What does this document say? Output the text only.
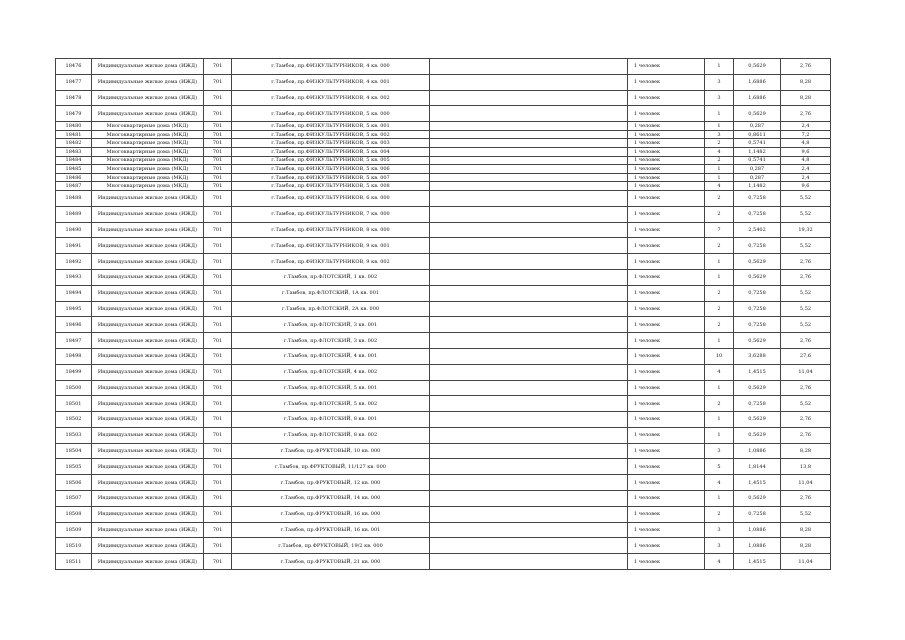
18476	Индивидуальные жилые дома (ИЖД)	701	г.Тамбов, пр.ФИЗКУЛЬТУРНИКОВ, 4 кв. 000		1 человек	1	0,5629	2,76
18477	Индивидуальные жилые дома (ИЖД)	701	г.Тамбов, пр.ФИЗКУЛЬТУРНИКОВ, 4 кв. 001		1 человек	3	1,6886	8,28
18478	Индивидуальные жилые дома (ИЖД)	701	г.Тамбов, пр.ФИЗКУЛЬТУРНИКОВ, 4 кв. 002		1 человек	3	1,6886	8,28
18479	Индивидуальные жилые дома (ИЖД)	701	г.Тамбов, пр.ФИЗКУЛЬТУРНИКОВ, 5 кв. 000		1 человек	1	0,5629	2,76
18480	Многоквартирные дома (МКД)	701	г.Тамбов, пр.ФИЗКУЛЬТУРНИКОВ, 5 кв. 001		1 человек	1	0,287	2,4
18481	Многоквартирные дома (МКД)	701	г.Тамбов, пр.ФИЗКУЛЬТУРНИКОВ, 5 кв. 002		1 человек	3	0,8611	7,2
18482	Многоквартирные дома (МКД)	701	г.Тамбов, пр.ФИЗКУЛЬТУРНИКОВ, 5 кв. 003		1 человек	2	0,5741	4,8
18483	Многоквартирные дома (МКД)	701	г.Тамбов, пр.ФИЗКУЛЬТУРНИКОВ, 5 кв. 004		1 человек	4	1,1482	9,6
18484	Многоквартирные дома (МКД)	701	г.Тамбов, пр.ФИЗКУЛЬТУРНИКОВ, 5 кв. 005		1 человек	2	0,5741	4,8
18485	Многоквартирные дома (МКД)	701	г.Тамбов, пр.ФИЗКУЛЬТУРНИКОВ, 5 кв. 006		1 человек	1	0,287	2,4
18486	Многоквартирные дома (МКД)	701	г.Тамбов, пр.ФИЗКУЛЬТУРНИКОВ, 5 кв. 007		1 человек	1	0,287	2,4
18487	Многоквартирные дома (МКД)	701	г.Тамбов, пр.ФИЗКУЛЬТУРНИКОВ, 5 кв. 008		1 человек	4	1,1482	9,6
18488	Индивидуальные жилые дома (ИЖД)	701	г.Тамбов, пр.ФИЗКУЛЬТУРНИКОВ, 6 кв. 000		1 человек	2	0,7258	5,52
18489	Индивидуальные жилые дома (ИЖД)	701	г.Тамбов, пр.ФИЗКУЛЬТУРНИКОВ, 7 кв. 000		1 человек	2	0,7258	5,52
18490	Индивидуальные жилые дома (ИЖД)	701	г.Тамбов, пр.ФИЗКУЛЬТУРНИКОВ, 8 кв. 000		1 человек	7	2,5402	19,32
18491	Индивидуальные жилые дома (ИЖД)	701	г.Тамбов, пр.ФИЗКУЛЬТУРНИКОВ, 9 кв. 001		1 человек	2	0,7258	5,52
18492	Индивидуальные жилые дома (ИЖД)	701	г.Тамбов, пр.ФИЗКУЛЬТУРНИКОВ, 9 кв. 002		1 человек	1	0,5629	2,76
18493	Индивидуальные жилые дома (ИЖД)	701	г.Тамбов, пр.ФЛОТСКИЙ, 1 кв. 002		1 человек	1	0,5629	2,76
18494	Индивидуальные жилые дома (ИЖД)	701	г.Тамбов, пр.ФЛОТСКИЙ, 1А кв. 001		1 человек	2	0,7258	5,52
18495	Индивидуальные жилые дома (ИЖД)	701	г.Тамбов, пр.ФЛОТСКИЙ, 2А кв. 000		1 человек	2	0,7258	5,52
18496	Индивидуальные жилые дома (ИЖД)	701	г.Тамбов, пр.ФЛОТСКИЙ, 3 кв. 001		1 человек	2	0,7258	5,52
18497	Индивидуальные жилые дома (ИЖД)	701	г.Тамбов, пр.ФЛОТСКИЙ, 3 кв. 002		1 человек	1	0,5629	2,76
18498	Индивидуальные жилые дома (ИЖД)	701	г.Тамбов, пр.ФЛОТСКИЙ, 4 кв. 001		1 человек	10	3,6288	27,6
18499	Индивидуальные жилые дома (ИЖД)	701	г.Тамбов, пр.ФЛОТСКИЙ, 4 кв. 002		1 человек	4	1,4515	11,04
18500	Индивидуальные жилые дома (ИЖД)	701	г.Тамбов, пр.ФЛОТСКИЙ, 5 кв. 001		1 человек	1	0,5629	2,76
18501	Индивидуальные жилые дома (ИЖД)	701	г.Тамбов, пр.ФЛОТСКИЙ, 5 кв. 002		1 человек	2	0,7258	5,52
18502	Индивидуальные жилые дома (ИЖД)	701	г.Тамбов, пр.ФЛОТСКИЙ, 8 кв. 001		1 человек	1	0,5629	2,76
18503	Индивидуальные жилые дома (ИЖД)	701	г.Тамбов, пр.ФЛОТСКИЙ, 8 кв. 002		1 человек	1	0,5629	2,76
18504	Индивидуальные жилые дома (ИЖД)	701	г.Тамбов, пр.ФРУКТОВЫЙ, 10 кв. 000		1 человек	3	1,0886	8,28
18505	Индивидуальные жилые дома (ИЖД)	701	г.Тамбов, пр.ФРУКТОВЫЙ, 11/127 кв. 000		1 человек	5	1,8144	13,8
18506	Индивидуальные жилые дома (ИЖД)	701	г.Тамбов, пр.ФРУКТОВЫЙ, 12 кв. 000		1 человек	4	1,4515	11,04
18507	Индивидуальные жилые дома (ИЖД)	701	г.Тамбов, пр.ФРУКТОВЫЙ, 14 кв. 000		1 человек	1	0,5629	2,76
18508	Индивидуальные жилые дома (ИЖД)	701	г.Тамбов, пр.ФРУКТОВЫЙ, 16 кв. 000		1 человек	2	0,7258	5,52
18509	Индивидуальные жилые дома (ИЖД)	701	г.Тамбов, пр.ФРУКТОВЫЙ, 16 кв. 001		1 человек	3	1,0886	8,28
18510	Индивидуальные жилые дома (ИЖД)	701	г.Тамбов, пр.ФРУКТОВЫЙ, 19/2 кв. 000		1 человек	3	1,0886	8,28
18511	Индивидуальные жилые дома (ИЖД)	701	г.Тамбов, пр.ФРУКТОВЫЙ, 21 кв. 000		1 человек	4	1,4515	11,04
